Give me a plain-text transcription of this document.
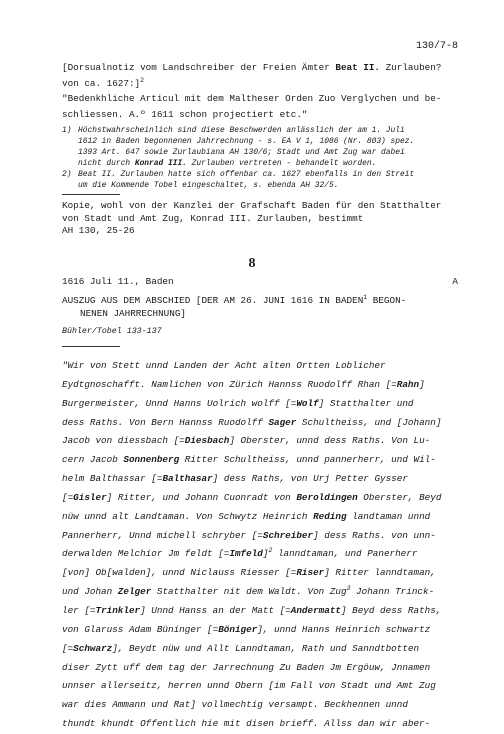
130/7-8
[Dorsualnotiz vom Landschreiber der Freien Ämter Beat II. Zurlauben?
von ca. 1627:]$^2$
"Bedenkhliche Articul mit dem Maltheser Orden Zuo Verglychen und be-
schliessen. A.º 1611 schon projectiert etc."
1) Höchstwahrscheinlich sind diese Beschwerden anlässlich der am 1. Juli
1612 in Baden begonnenen Jahrrechnung - s. EA V 1, 1086 (Nr. 803) spez.
1393 Art. 647 sowie Zurlaubiana AH 130/6; Stadt und Amt Zug war dabei
nicht durch Konrad III. Zurlauben vertreten - behandelt worden.
2) Beat II. Zurlauben hatte sich offenbar ca. 1627 ebenfalls in den Streit
um die Kommende Tobel eingeschaltet, s. ebenda AH 32/5.
Kopie, wohl von der Kanzlei der Grafschaft Baden für den Statthalter
von Stadt und Amt Zug, Konrad III. Zurlauben, bestimmt
AH 130, 25-26
8
1616 Juli 11., Baden	A
AUSZUG AUS DEM ABSCHIED [DER AM 26. JUNI 1616 IN BADEN$^1$ BEGON-
NENEN JAHRRECHNUNG]
Bühler/Tobel 133-137
"Wir von Stett unnd Landen der Acht alten Ortten Loblicher
Eydtgnoschafft. Namlichen von Zürich Hannss Ruodolff Rhan [=Rahn]
Burgermeister, Unnd Hanns Uolrich wolff [=Wolf] Statthalter und
dess Raths. Von Bern Hannss Ruodolff Sager Schultheiss, und [Johann]
Jacob von diessbach [=Diesbach] Oberster, unnd dess Raths. Von Lu-
cern Jacob Sonnenberg Ritter Schultheiss, unnd pannerherr, und Wil-
helm Balthassar [=Balthasar] dess Raths, von Urj Petter Gysser
[=Gisler] Ritter, und Johann Cuonradt von Beroldingen Oberster, Beyd
nüw unnd alt Landtaman. Von Schwytz Heinrich Reding landtaman unnd
Pannerherr, Unnd michell schryber [=Schreiber] dess Raths. von unn-
derwalden Melchior Jm feldt [=Imfeld]$^2$ lanndtaman, und Panerherr
[von] Ob[walden], unnd Niclauss Riesser [=Riser] Ritter lanndtaman,
und Johan Zelger Statthalter nit dem Waldt. Von Zug$^3$ Johann Trinck-
ler [=Trinkler] Unnd Hanss an der Matt [=Andermatt] Beyd dess Raths,
von Glaruss Adam Büninger [=Böniger], unnd Hanns Heinrich schwartz
[=Schwarz], Beydt nüw und Allt Lanndtaman, Rath und Sanndtbotten
diser Zytt uff dem tag der Jarrechnung Zu Baden Jm Ergöuw, Jnnamen
unnser allerseitz, herren unnd Obern [im Fall von Stadt und Amt Zug
war dies Ammann und Rat] vollmechtig versampt. Beckhennen unnd
thundt khundt Offentlich hie mit disen brieff. Allss dan wir aber-
